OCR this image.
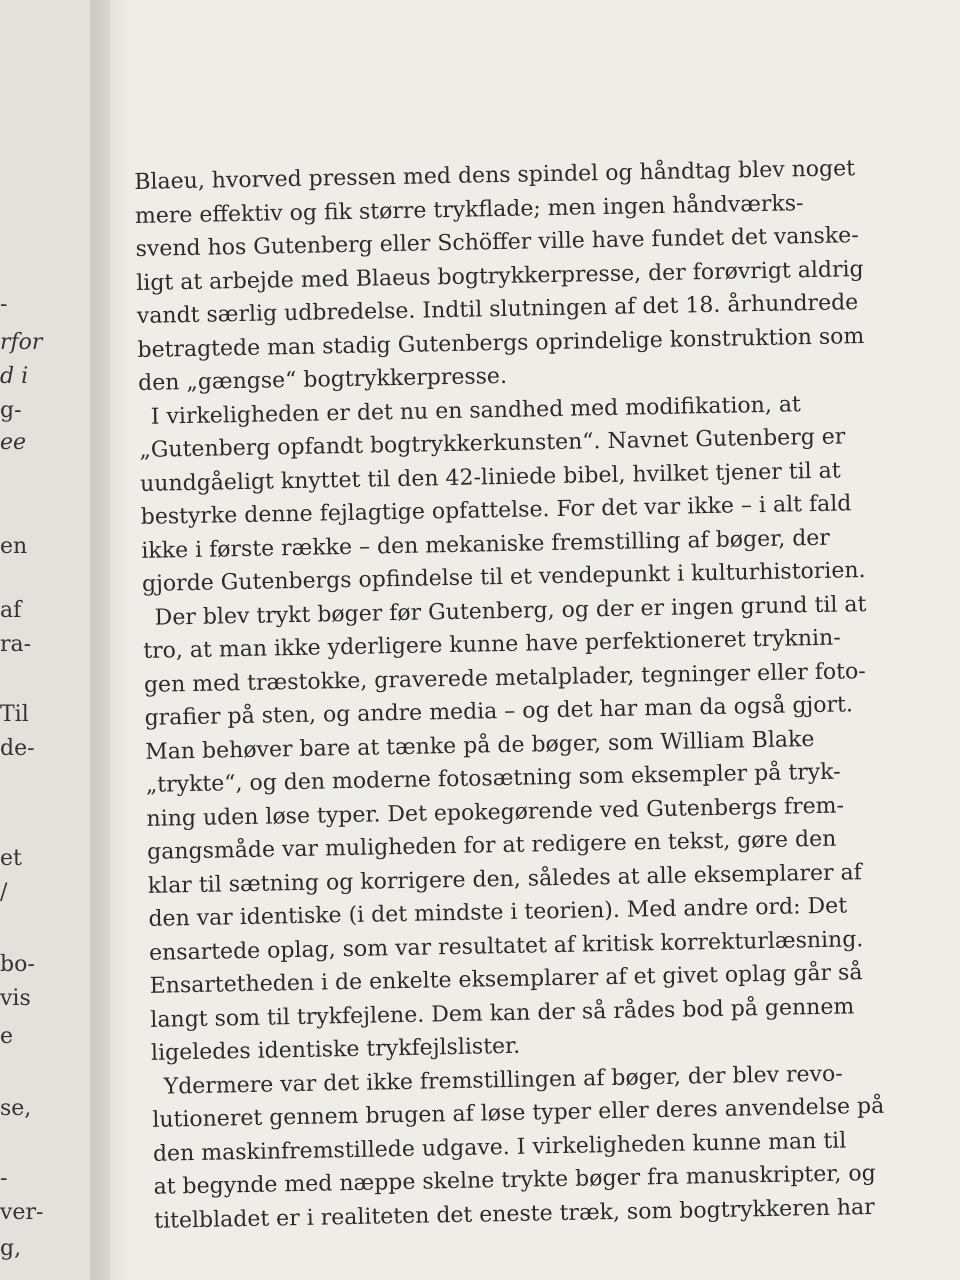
-
rfor
d i
g-
ee
en
af
ra-
Til
de-
et
/
bo-
vis
e
se,
-
ver-
g,
Blaeu, hvorved pressen med dens spindel og håndtag blev noget
mere effektiv og fik større trykflade; men ingen håndværks-
svend hos Gutenberg eller Schöffer ville have fundet det vanske-
ligt at arbejde med Blaeus bogtrykkerpresse, der forøvrigt aldrig
vandt særlig udbredelse. Indtil slutningen af det 18. århundrede
betragtede man stadig Gutenbergs oprindelige konstruktion som
den „gængse“ bogtrykkerpresse.
I virkeligheden er det nu en sandhed med modifikation, at
„Gutenberg opfandt bogtrykkerkunsten“. Navnet Gutenberg er
uundgåeligt knyttet til den 42-liniede bibel, hvilket tjener til at
bestyrke denne fejlagtige opfattelse. For det var ikke – i alt fald
ikke i første række – den mekaniske fremstilling af bøger, der
gjorde Gutenbergs opfindelse til et vendepunkt i kulturhistorien.
Der blev trykt bøger før Gutenberg, og der er ingen grund til at
tro, at man ikke yderligere kunne have perfektioneret tryknin-
gen med træstokke, graverede metalplader, tegninger eller foto-
grafier på sten, og andre media – og det har man da også gjort.
Man behøver bare at tænke på de bøger, som William Blake
„trykte“, og den moderne fotosætning som eksempler på tryk-
ning uden løse typer. Det epokegørende ved Gutenbergs frem-
gangsmåde var muligheden for at redigere en tekst, gøre den
klar til sætning og korrigere den, således at alle eksemplarer af
den var identiske (i det mindste i teorien). Med andre ord: Det
ensartede oplag, som var resultatet af kritisk korrekturlæsning.
Ensartetheden i de enkelte eksemplarer af et givet oplag går så
langt som til trykfejlene. Dem kan der så rådes bod på gennem
ligeledes identiske trykfejlslister.
Ydermere var det ikke fremstillingen af bøger, der blev revo-
lutioneret gennem brugen af løse typer eller deres anvendelse på
den maskinfremstillede udgave. I virkeligheden kunne man til
at begynde med næppe skelne trykte bøger fra manuskripter, og
titelbladet er i realiteten det eneste træk, som bogtrykkeren har
